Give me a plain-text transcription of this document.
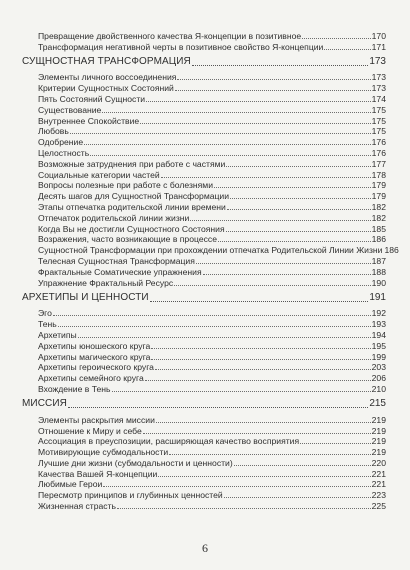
Превращение двойственного качества Я-концепции в позитивное	170
Трансформация негативной черты в позитивное свойство Я-концепции	171
СУЩНОСТНАЯ ТРАНСФОРМАЦИЯ	173
Элементы личного воссоединения	173
Критерии Сущностных Состояний	173
Пять Состояний Сущности	174
Существование	175
Внутреннее Спокойствие	175
Любовь	175
Одобрение	176
Целостность	176
Возможные затруднения при работе с частями	177
Социальные категории частей	178
Вопросы полезные при работе с болезнями	179
Десять шагов для Сущностной Трансформации	179
Этапы отпечатка родительской линии времени	182
Отпечаток родительской линии жизни	182
Когда Вы не достигли Сущностного Состояния	185
Возражения, часто возникающие в процессе	186
Сущностной Трансформации при прохождении отпечатка Родительской Линии Жизни 186
Телесная Сущностная Трансформация	187
Фрактальные Соматические упражнения	188
Упражнение Фрактальный Ресурс	190
АРХЕТИПЫ И ЦЕННОСТИ	191
Эго	192
Тень	193
Архетипы	194
Архетипы юношеского круга	195
Архетипы магического круга	199
Архетипы героического круга	203
Архетипы семейного круга	206
Вхождение в Тень	210
МИССИЯ	215
Элементы раскрытия миссии	219
Отношение к Миру и себе	219
Ассоциация в преуспозиции, расширяющая качество восприятия	219
Мотивирующие субмодальности	219
Лучшие дни жизни (субмодальности и ценности)	220
Качества Вашей Я-концепции	221
Любимые Герои	221
Пересмотр принципов и глубинных ценностей	223
Жизненная страсть	225
6
